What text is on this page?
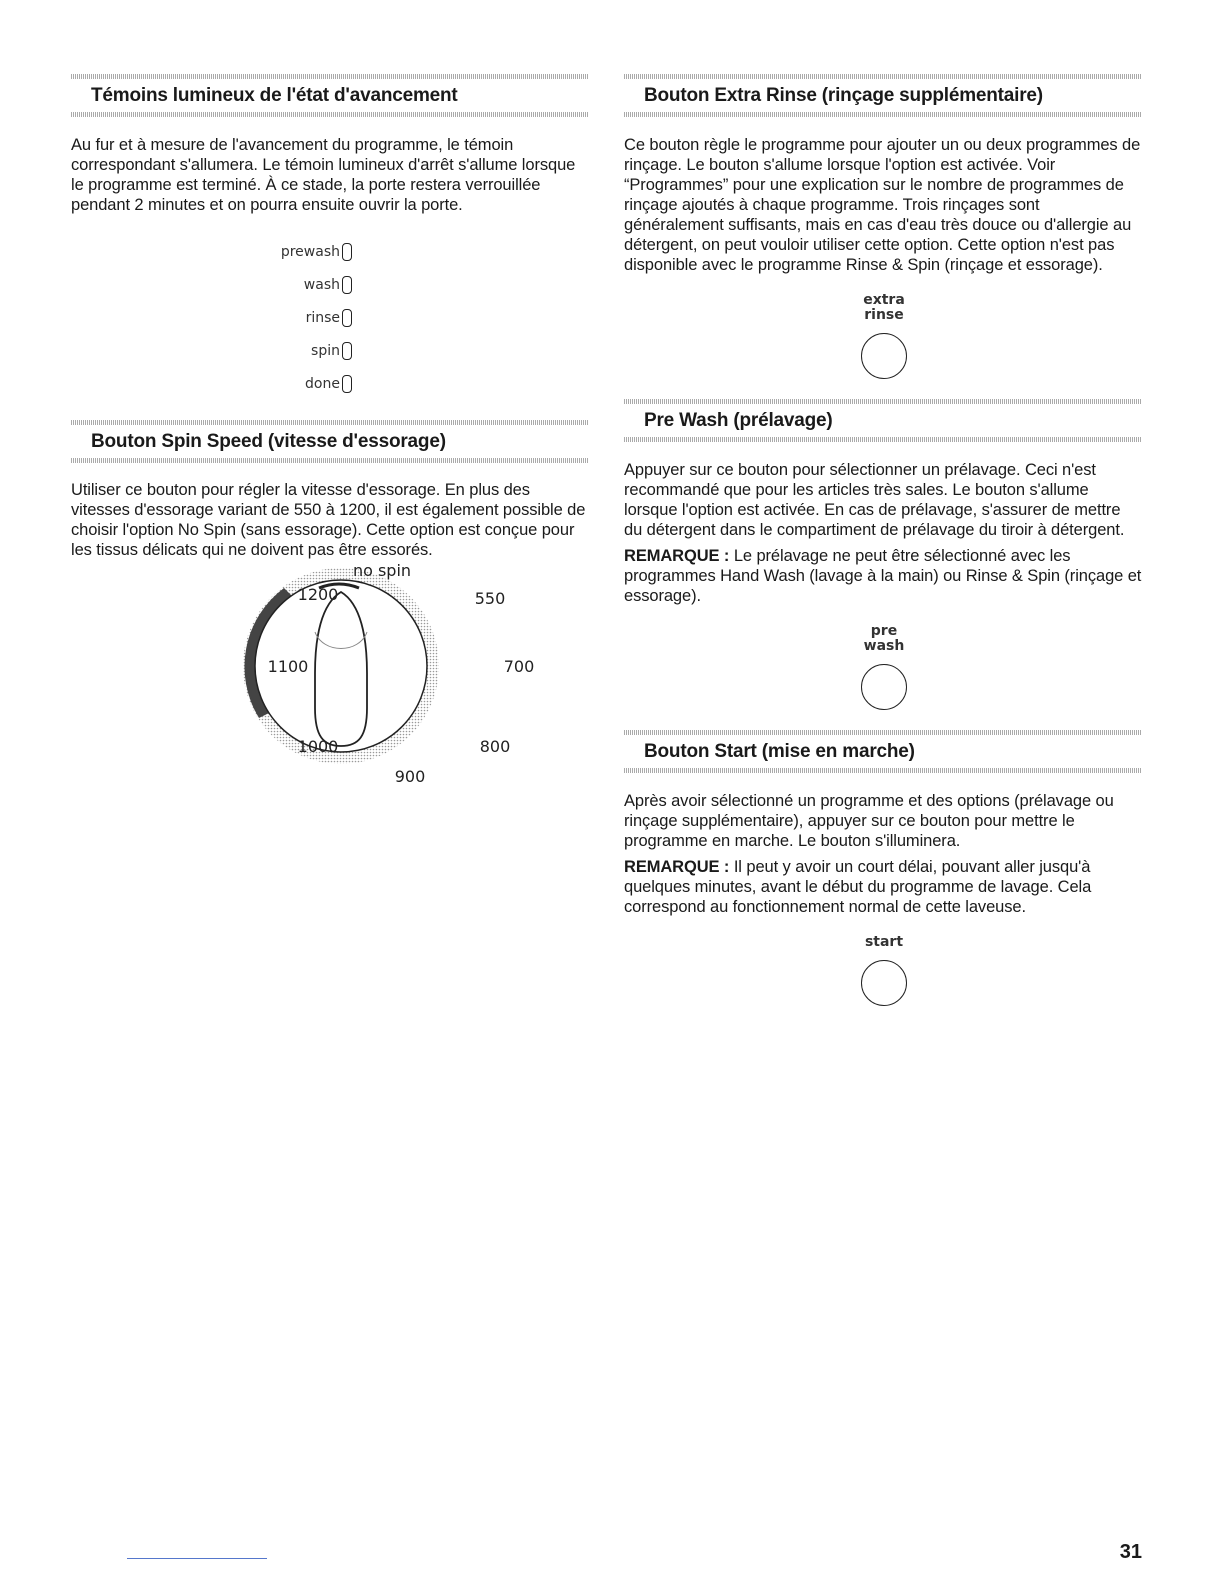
Témoins lumineux de l'état d'avancement

Au fur et à mesure de l'avancement du programme, le témoin correspondant s'allumera. Le témoin lumineux d'arrêt s'allume lorsque le programme est terminé. À ce stade, la porte restera verrouillée pendant 2 minutes et on pourra ensuite ouvrir la porte.

prewash
wash
rinse
spin
done
Bouton Spin Speed (vitesse d'essorage)

Utiliser ce bouton pour régler la vitesse d'essorage. En plus des vitesses d'essorage variant de 550 à 1200, il est également possible de choisir l'option No Spin (sans essorage). Cette option est conçue pour les tissus délicats qui ne doivent pas être essorés.

no spin
550
700
800
900
1000
1100
1200
Bouton Extra Rinse (rinçage supplémentaire)

Ce bouton règle le programme pour ajouter un ou deux programmes de rinçage. Le bouton s'allume lorsque l'option est activée. Voir “Programmes” pour une explication sur le nombre de programmes de rinçage ajoutés à chaque programme. Trois rinçages sont généralement suffisants, mais en cas d'eau très douce ou d'allergie au détergent, on peut vouloir utiliser cette option. Cette option n'est pas disponible avec le programme Rinse & Spin (rinçage et essorage).

extra
rinse
Pre Wash (prélavage)

Appuyer sur ce bouton pour sélectionner un prélavage. Ceci n'est recommandé que pour les articles très sales. Le bouton s'allume lorsque l'option est activée. En cas de prélavage, s'assurer de mettre du détergent dans le compartiment de prélavage du tiroir à détergent.

REMARQUE : Le prélavage ne peut être sélectionné avec les programmes Hand Wash (lavage à la main) ou Rinse & Spin (rinçage et essorage).

pre
wash
Bouton Start (mise en marche)

Après avoir sélectionné un programme et des options (prélavage ou rinçage supplémentaire), appuyer sur ce bouton pour mettre le programme en marche. Le bouton s'illuminera.

REMARQUE : Il peut y avoir un court délai, pouvant aller jusqu'à quelques minutes, avant le début du programme de lavage. Cela correspond au fonctionnement normal de cette laveuse.

start
31
